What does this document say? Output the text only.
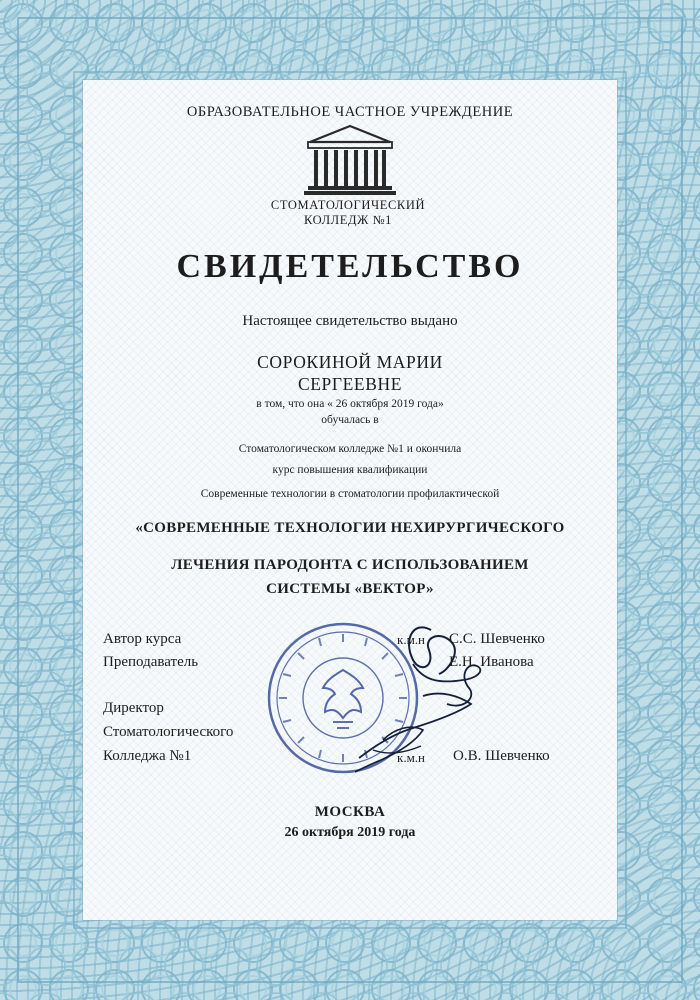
ОБРАЗОВАТЕЛЬНОЕ ЧАСТНОЕ УЧРЕЖДЕНИЕ
СТОМАТОЛОГИЧЕСКИЙ
КОЛЛЕДЖ №1
СВИДЕТЕЛЬСТВО
Настоящее свидетельство выдано
СОРОКИНОЙ МАРИИ
СЕРГЕЕВНЕ
в том, что она « 26 октября 2019 года»
обучалась в
Стоматологическом колледже №1 и окончила
курс повышения квалификации
Современные технологии в стоматологии профилактической
«СОВРЕМЕННЫЕ ТЕХНОЛОГИИ НЕХИРУРГИЧЕСКОГО
ЛЕЧЕНИЯ ПАРОДОНТА С ИСПОЛЬЗОВАНИЕМ
СИСТЕМЫ «ВЕКТОР»
Автор курса
Преподаватель
Директор
Стоматологического
Колледжа №1
к.м.н С.С. Шевченко
Е.Н. Иванова
к.м.н О.В. Шевченко
МОСКВА
26 октября 2019 года
